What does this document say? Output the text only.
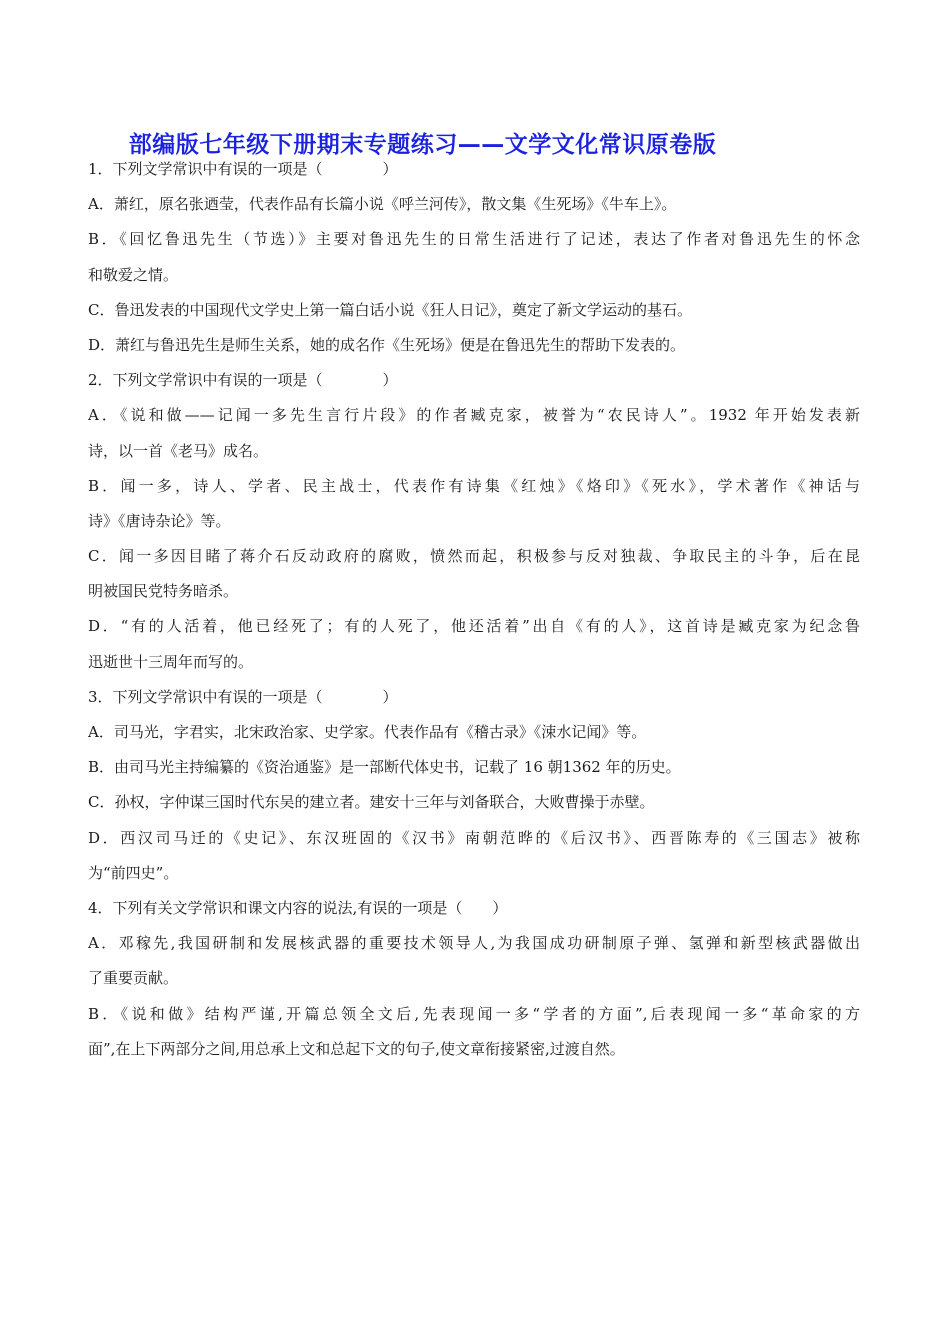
部编版七年级下册期末专题练习——文学文化常识原卷版
1．下列文学常识中有误的一项是（　　　　）
A．萧红，原名张迺莹，代表作品有长篇小说《呼兰河传》，散文集《生死场》《牛车上》。
B．《回忆鲁迅先生（节选）》主要对鲁迅先生的日常生活进行了记述，表达了作者对鲁迅先生的怀念
和敬爱之情。
C．鲁迅发表的中国现代文学史上第一篇白话小说《狂人日记》，奠定了新文学运动的基石。
D．萧红与鲁迅先生是师生关系，她的成名作《生死场》便是在鲁迅先生的帮助下发表的。
2．下列文学常识中有误的一项是（　　　　）
A．《说和做——记闻一多先生言行片段》的作者臧克家，被誉为“农民诗人”。1932 年开始发表新
诗，以一首《老马》成名。
B．闻一多，诗人、学者、民主战士，代表作有诗集《红烛》《烙印》《死水》，学术著作《神话与
诗》《唐诗杂论》等。
C．闻一多因目睹了蒋介石反动政府的腐败，愤然而起，积极参与反对独裁、争取民主的斗争，后在昆
明被国民党特务暗杀。
D．“有的人活着，他已经死了；有的人死了，他还活着”出自《有的人》，这首诗是臧克家为纪念鲁
迅逝世十三周年而写的。
3．下列文学常识中有误的一项是（　　　　）
A．司马光，字君实，北宋政治家、史学家。代表作品有《稽古录》《涑水记闻》等。
B．由司马光主持编纂的《资治通鉴》是一部断代体史书，记载了 16 朝1362 年的历史。
C．孙权，字仲谋三国时代东吴的建立者。建安十三年与刘备联合，大败曹操于赤壁。
D．西汉司马迁的《史记》、东汉班固的《汉书》南朝范晔的《后汉书》、西晋陈寿的《三国志》被称
为“前四史”。
4．下列有关文学常识和课文内容的说法,有误的一项是（　　）
A．邓稼先,我国研制和发展核武器的重要技术领导人,为我国成功研制原子弹、氢弹和新型核武器做出
了重要贡献。
B．《说和做》结构严谨,开篇总领全文后,先表现闻一多“学者的方面”,后表现闻一多“革命家的方
面”,在上下两部分之间,用总承上文和总起下文的句子,使文章衔接紧密,过渡自然。
